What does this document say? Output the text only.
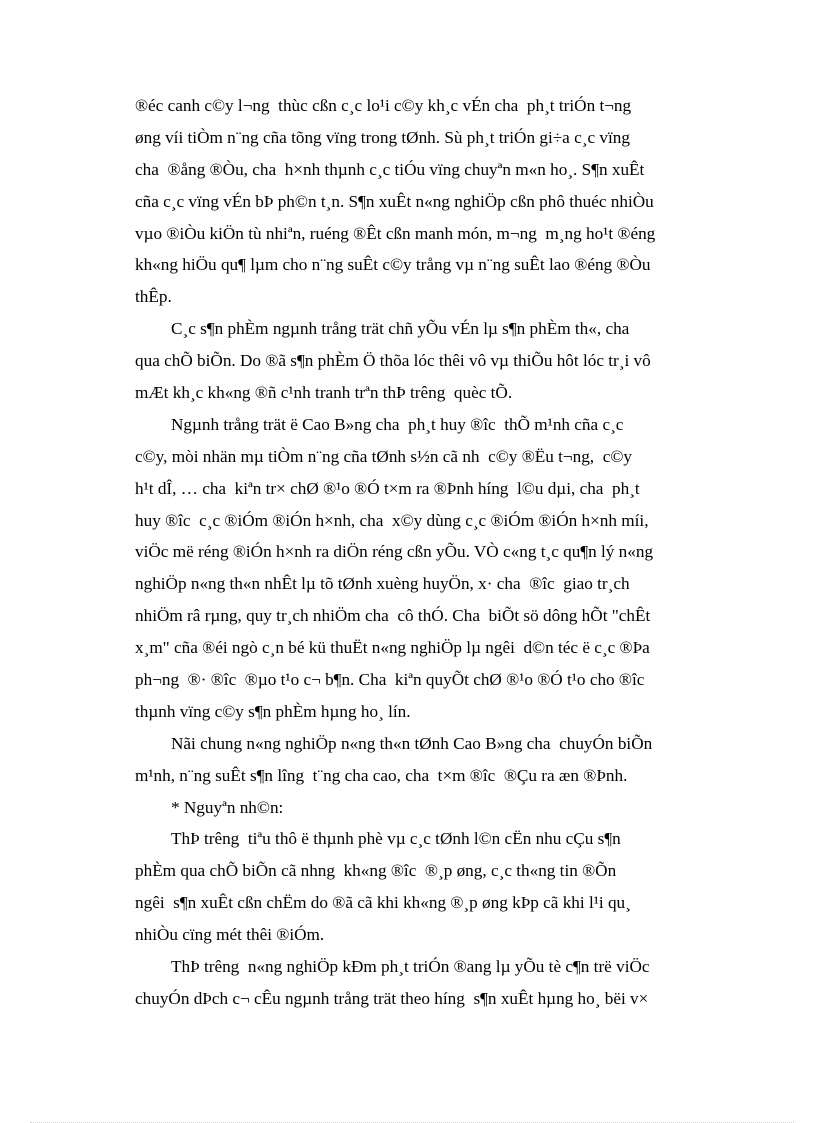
®éc canh c©y l¬ng  thùc cßn c¸c lo¹i c©y kh¸c vÉn cha  ph¸t triÓn t¬ng
øng víi tiÒm n¨ng cña tõng vïng trong tØnh. Sù ph¸t triÓn gi÷a c¸c vïng
cha  ®ång ®Òu, cha  h×nh thµnh c¸c tiÓu vïng chuyªn m«n ho¸. S¶n xuÊt
cña c¸c vïng vÉn bÞ ph©n t¸n. S¶n xuÊt n«ng nghiÖp cßn phô thuéc nhiÒu
vµo ®iÒu kiÖn tù nhiªn, ruéng ®Êt cßn manh món, m¬ng  m¸ng ho¹t ®éng
kh«ng hiÖu qu¶ lµm cho n¨ng suÊt c©y trång vµ n¨ng suÊt lao ®éng ®Òu
thÊp.
C¸c s¶n phÈm ngµnh trång trät chñ yÕu vÉn lµ s¶n phÈm th«, cha
qua chÕ biÕn. Do ®ã s¶n phÈm Ö thõa lóc thêi vô vµ thiÕu hôt lóc tr¸i vô
mÆt kh¸c kh«ng ®ñ c¹nh tranh trªn thÞ trêng  quèc tÕ.
Ngµnh trång trät ë Cao B»ng cha  ph¸t huy ®îc  thÕ m¹nh cña c¸c
c©y, mòi nhän mµ tiÒm n¨ng cña tØnh s½n cã nh  c©y ®Ëu t¬ng,  c©y
h¹t dÎ, … cha  kiªn tr× chØ ®¹o ®Ó t×m ra ®Þnh híng  l©u dµi, cha  ph¸t
huy ®îc  c¸c ®iÓm ®iÓn h×nh, cha  x©y dùng c¸c ®iÓm ®iÓn h×nh míi,
viÖc më réng ®iÓn h×nh ra diÖn réng cßn yÕu. VÒ c«ng t¸c qu¶n lý n«ng
nghiÖp n«ng th«n nhÊt lµ tõ tØnh xuèng huyÖn, x· cha  ®îc  giao tr¸ch
nhiÖm râ rµng, quy tr¸ch nhiÖm cha  cô thÓ. Cha  biÕt sö dông hÕt "chÊt
x¸m" cña ®éi ngò c¸n bé kü thuËt n«ng nghiÖp lµ ngêi  d©n téc ë c¸c ®Þa
ph¬ng  ®· ®îc  ®µo t¹o c¬ b¶n. Cha  kiªn quyÕt chØ ®¹o ®Ó t¹o cho ®îc
thµnh vïng c©y s¶n phÈm hµng ho¸ lín.
Nãi chung n«ng nghiÖp n«ng th«n tØnh Cao B»ng cha  chuyÓn biÕn
m¹nh, n¨ng suÊt s¶n lîng  t¨ng cha cao, cha  t×m ®îc  ®Çu ra æn ®Þnh.
* Nguyªn nh©n:
ThÞ trêng  tiªu thô ë thµnh phè vµ c¸c tØnh l©n cËn nhu cÇu s¶n
phÈm qua chÕ biÕn cã nhng  kh«ng ®îc  ®¸p øng, c¸c th«ng tin ®Õn
ngêi  s¶n xuÊt cßn chËm do ®ã cã khi kh«ng ®¸p øng kÞp cã khi l¹i qu¸
nhiÒu cïng mét thêi ®iÓm.
ThÞ trêng  n«ng nghiÖp kÐm ph¸t triÓn ®ang lµ yÕu tè c¶n trë viÖc
chuyÓn dÞch c¬ cÊu ngµnh trång trät theo híng  s¶n xuÊt hµng ho¸ bëi v×
